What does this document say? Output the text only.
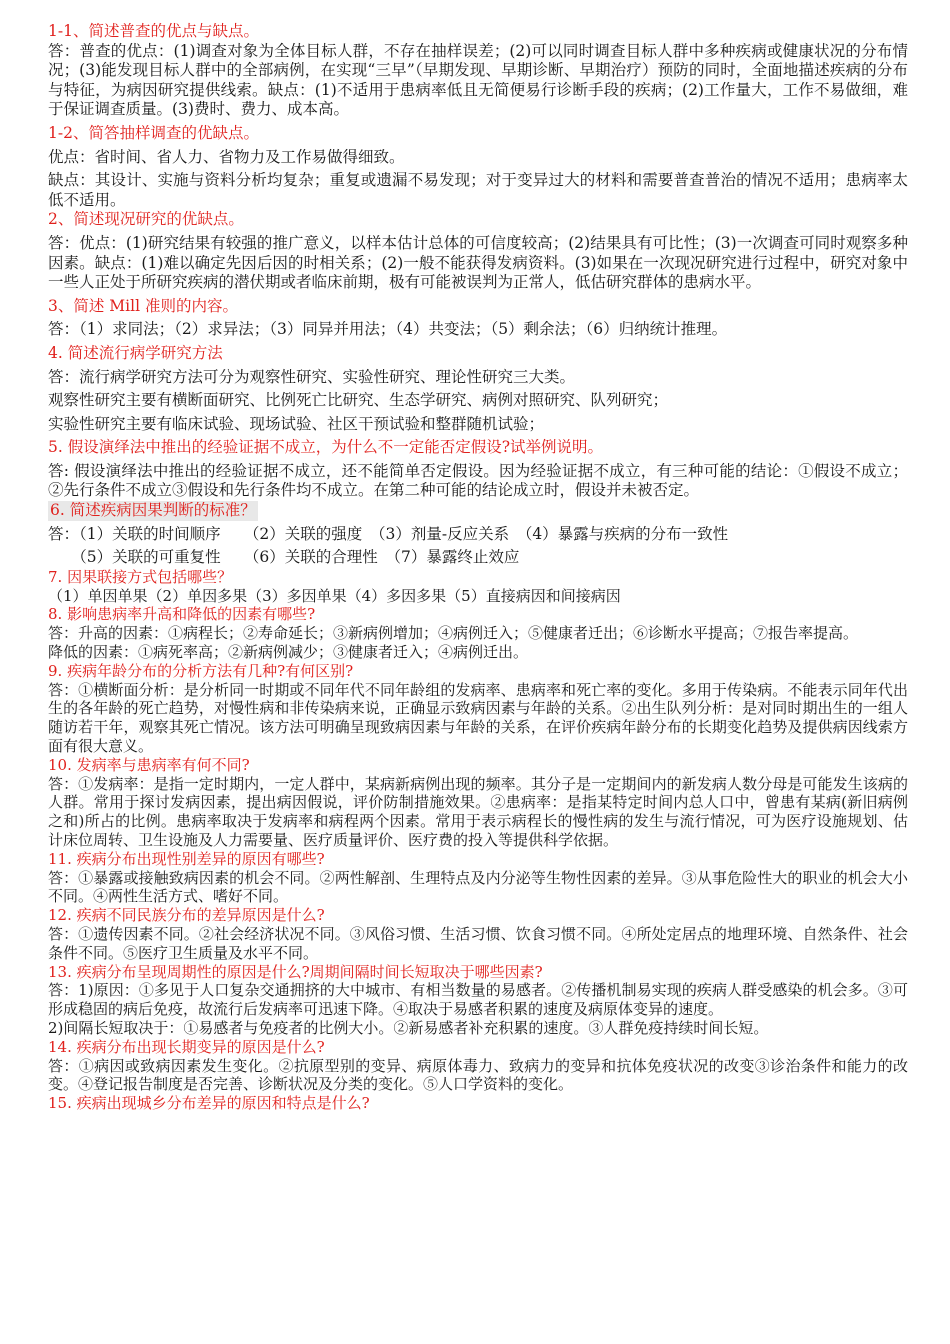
1-1、简述普查的优点与缺点。
答：普查的优点：(1)调查对象为全体目标人群，不存在抽样误差；(2)可以同时调查目标人群中多种疾病或健康状况的分布情况；(3)能发现目标人群中的全部病例，在实现“三早”（早期发现、早期诊断、早期治疗）预防的同时，全面地描述疾病的分布与特征，为病因研究提供线索。缺点：(1)不适用于患病率低且无简便易行诊断手段的疾病；(2)工作量大，工作不易做细，难于保证调查质量。(3)费时、费力、成本高。
1-2、简答抽样调查的优缺点。
优点：省时间、省人力、省物力及工作易做得细致。
缺点：其设计、实施与资料分析均复杂；重复或遗漏不易发现；对于变异过大的材料和需要普查普治的情况不适用；患病率太低不适用。
2、简述现况研究的优缺点。
答：优点：(1)研究结果有较强的推广意义，以样本估计总体的可信度较高；(2)结果具有可比性；(3)一次调查可同时观察多种因素。缺点：(1)难以确定先因后因的时相关系；(2)一般不能获得发病资料。(3)如果在一次现况研究进行过程中，研究对象中一些人正处于所研究疾病的潜伏期或者临床前期，极有可能被误判为正常人，低估研究群体的患病水平。
3、简述 Mill 准则的内容。
答：（1）求同法；（2）求异法；（3）同异并用法；（4）共变法；（5）剩余法；（6）归纳统计推理。
4. 简述流行病学研究方法
答：流行病学研究方法可分为观察性研究、实验性研究、理论性研究三大类。
观察性研究主要有横断面研究、比例死亡比研究、生态学研究、病例对照研究、队列研究；
实验性研究主要有临床试验、现场试验、社区干预试验和整群随机试验；
5. 假设演绎法中推出的经验证据不成立，为什么不一定能否定假设?试举例说明。
答: 假设演绎法中推出的经验证据不成立，还不能简单否定假设。因为经验证据不成立，有三种可能的结论：①假设不成立；②先行条件不成立③假设和先行条件均不成立。在第二种可能的结论成立时，假设并未被否定。
6. 简述疾病因果判断的标准？
答：（1）关联的时间顺序　　（2）关联的强度　（3）剂量-反应关系　（4）暴露与疾病的分布一致性
　　（5）关联的可重复性　　（6）关联的合理性　（7）暴露终止效应
7. 因果联接方式包括哪些？
（1）单因单果（2）单因多果（3）多因单果（4）多因多果（5）直接病因和间接病因
8. 影响患病率升高和降低的因素有哪些?
答：升高的因素：①病程长；②寿命延长；③新病例增加；④病例迁入；⑤健康者迁出；⑥诊断水平提高；⑦报告率提高。
降低的因素：①病死率高；②新病例减少；③健康者迁入；④病例迁出。
9. 疾病年龄分布的分析方法有几种?有何区别?
答：①横断面分析：是分析同一时期或不同年代不同年龄组的发病率、患病率和死亡率的变化。多用于传染病。不能表示同年代出生的各年龄的死亡趋势，对慢性病和非传染病来说，正确显示致病因素与年龄的关系。②出生队列分析：是对同时期出生的一组人随访若干年，观察其死亡情况。该方法可明确呈现致病因素与年龄的关系，在评价疾病年龄分布的长期变化趋势及提供病因线索方面有很大意义。
10. 发病率与患病率有何不同?
答：①发病率：是指一定时期内，一定人群中，某病新病例出现的频率。其分子是一定期间内的新发病人数分母是可能发生该病的人群。常用于探讨发病因素，提出病因假说，评价防制措施效果。②患病率：是指某特定时间内总人口中，曾患有某病(新旧病例之和)所占的比例。患病率取决于发病率和病程两个因素。常用于表示病程长的慢性病的发生与流行情况，可为医疗设施规划、估计床位周转、卫生设施及人力需要量、医疗质量评价、医疗费的投入等提供科学依据。
11. 疾病分布出现性别差异的原因有哪些?
答：①暴露或接触致病因素的机会不同。②两性解剖、生理特点及内分泌等生物性因素的差异。③从事危险性大的职业的机会大小不同。④两性生活方式、嗜好不同。
12. 疾病不同民族分布的差异原因是什么?
答：①遗传因素不同。②社会经济状况不同。③风俗习惯、生活习惯、饮食习惯不同。④所处定居点的地理环境、自然条件、社会条件不同。⑤医疗卫生质量及水平不同。
13. 疾病分布呈现周期性的原因是什么?周期间隔时间长短取决于哪些因素?
答：1)原因：①多见于人口复杂交通拥挤的大中城市、有相当数量的易感者。②传播机制易实现的疾病人群受感染的机会多。③可形成稳固的病后免疫，故流行后发病率可迅速下降。④取决于易感者积累的速度及病原体变异的速度。
2)间隔长短取决于：①易感者与免疫者的比例大小。②新易感者补充积累的速度。③人群免疫持续时间长短。
14. 疾病分布出现长期变异的原因是什么?
答：①病因或致病因素发生变化。②抗原型别的变异、病原体毒力、致病力的变异和抗体免疫状况的改变③诊治条件和能力的改变。④登记报告制度是否完善、诊断状况及分类的变化。⑤人口学资料的变化。
15. 疾病出现城乡分布差异的原因和特点是什么?
